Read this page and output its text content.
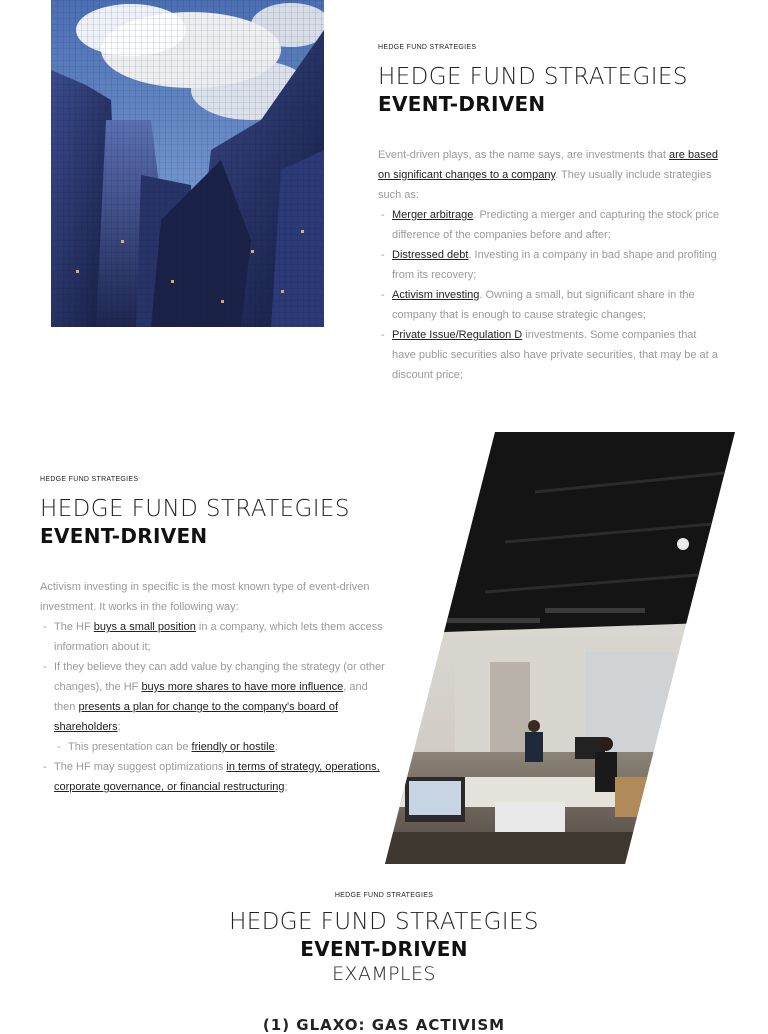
HEDGE FUND STRATEGIES
HEDGE FUND STRATEGIES
EVENT-DRIVEN
Event-driven plays, as the name says, are investments that are based on significant changes to a company. They usually include strategies such as:
- Merger arbitrage. Predicting a merger and capturing the stock price difference of the companies before and after;
- Distressed debt. Investing in a company in bad shape and profiting from its recovery;
- Activism investing. Owning a small, but significant share in the company that is enough to cause strategic changes;
- Private Issue/Regulation D investments. Some companies that have public securities also have private securities, that may be at a discount price;
HEDGE FUND STRATEGIES
HEDGE FUND STRATEGIES
EVENT-DRIVEN
Activism investing in specific is the most known type of event-driven investment. It works in the following way:
- The HF buys a small position in a company, which lets them access information about it;
- If they believe they can add value by changing the strategy (or other changes), the HF buys more shares to have more influence, and then presents a plan for change to the company's board of shareholders;
- This presentation can be friendly or hostile;
- The HF may suggest optimizations in terms of strategy, operations, corporate governance, or financial restructuring;
HEDGE FUND STRATEGIES
HEDGE FUND STRATEGIES
EVENT-DRIVEN
EXAMPLES
(1) GLAXO: GAS ACTIVISM
